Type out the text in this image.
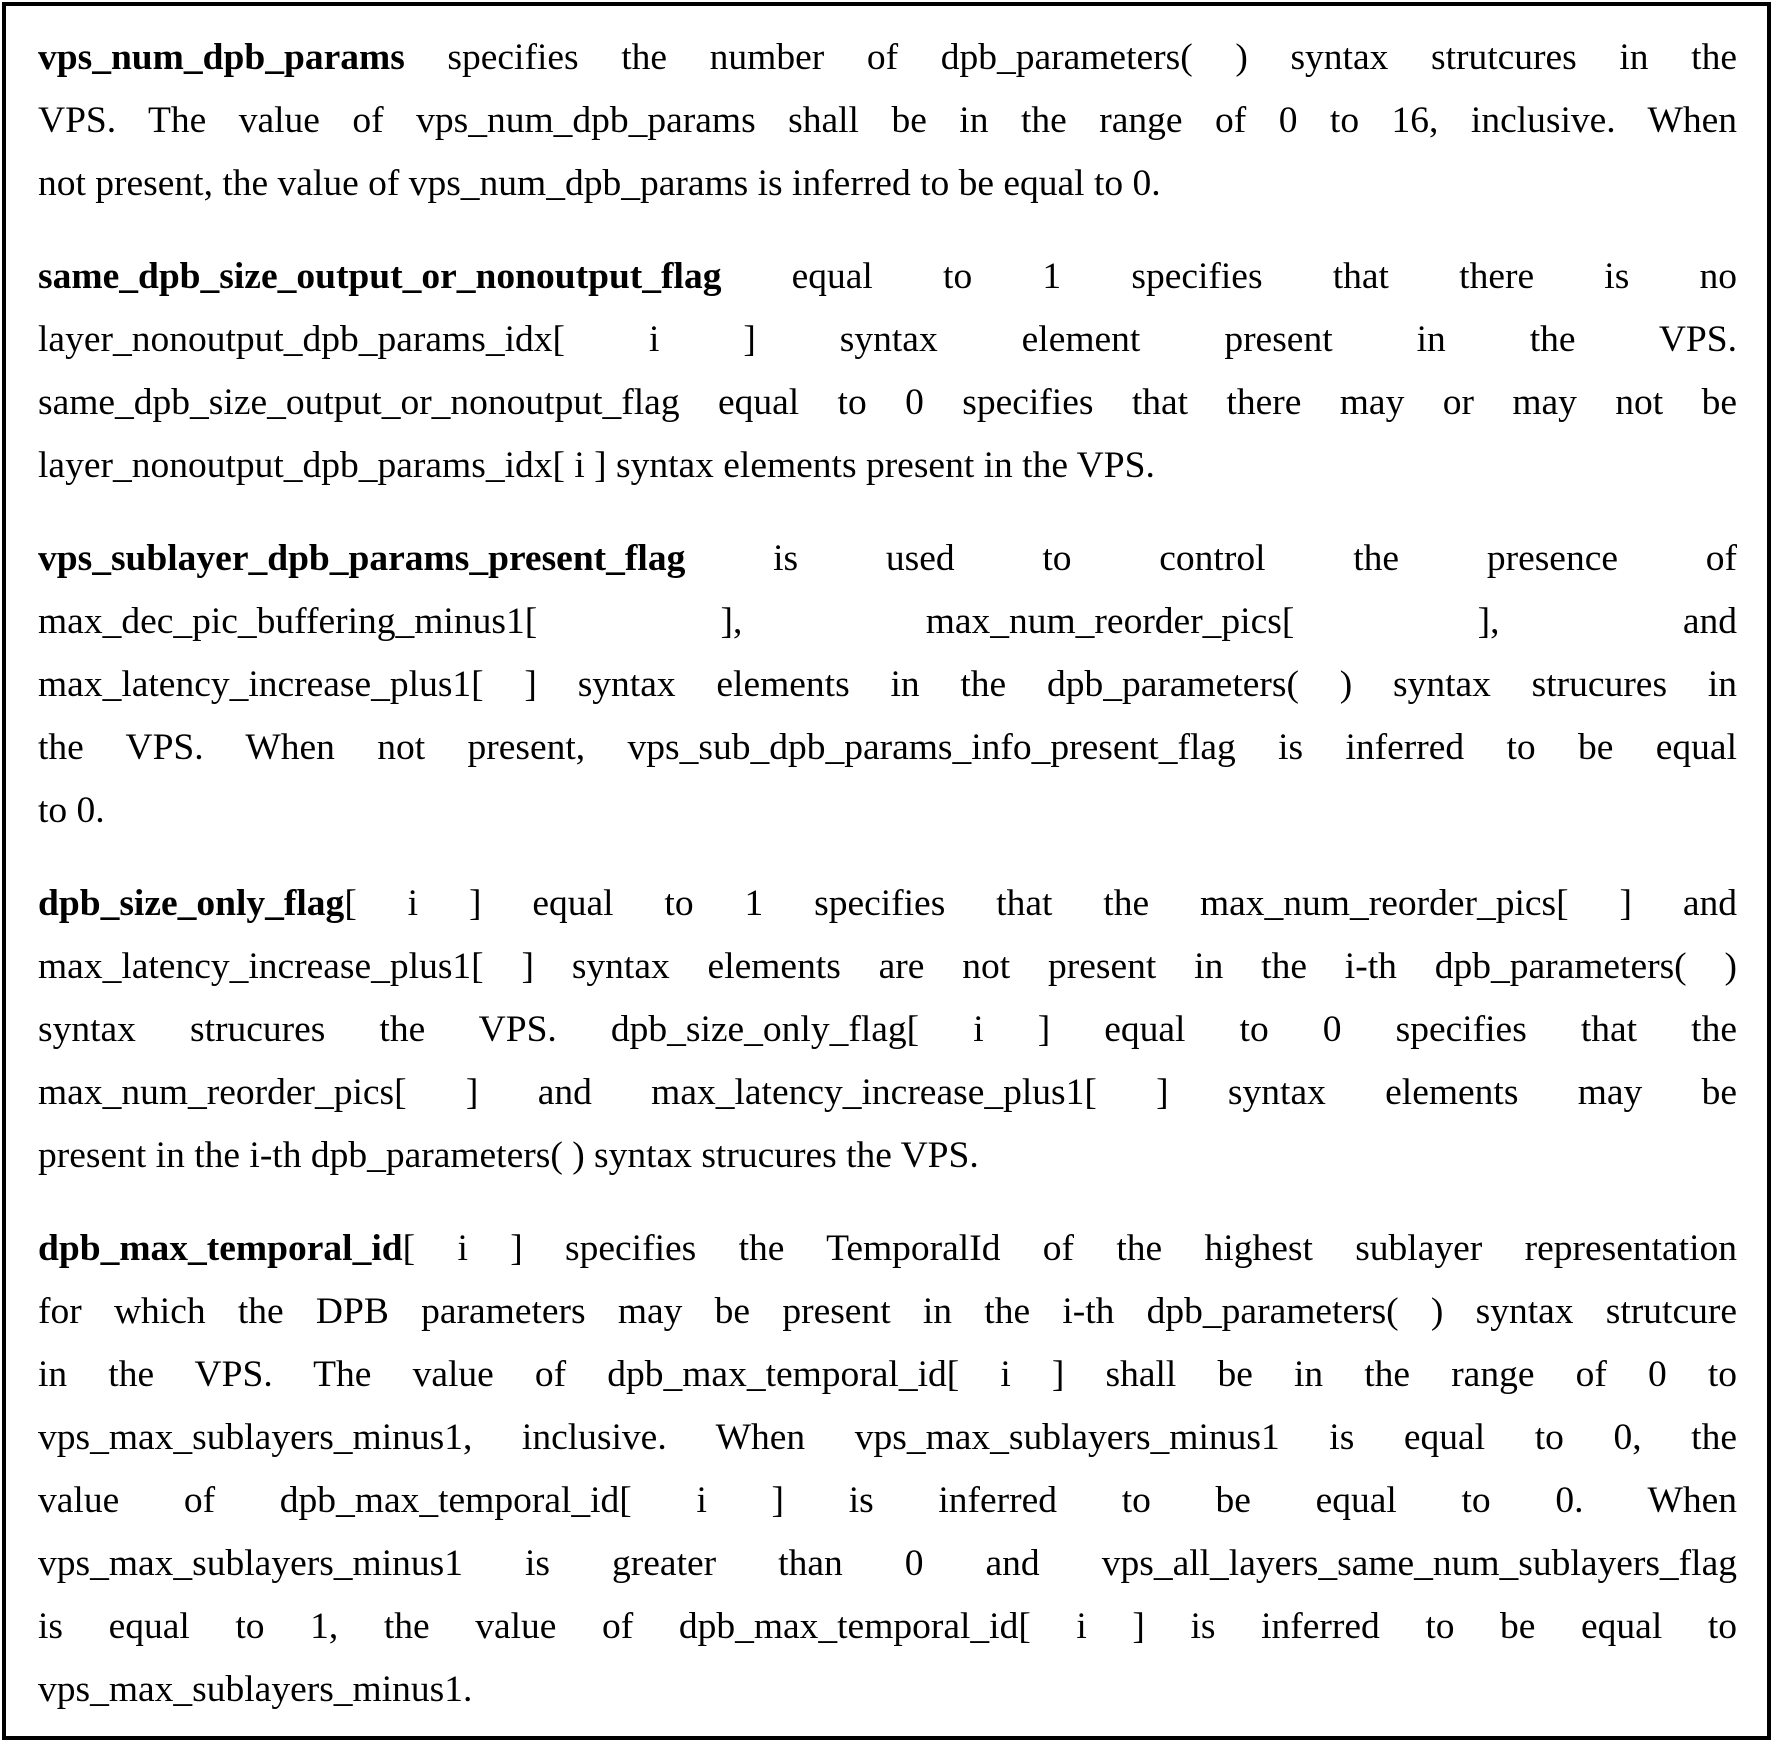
vps_num_dpb_params specifies the number of dpb_parameters( ) syntax strutcures in the
VPS. The value of vps_num_dpb_params shall be in the range of 0 to 16, inclusive. When
not present, the value of vps_num_dpb_params is inferred to be equal to 0.
same_dpb_size_output_or_nonoutput_flag equal to 1 specifies that there is no
layer_nonoutput_dpb_params_idx[ i ] syntax element present in the VPS.
same_dpb_size_output_or_nonoutput_flag equal to 0 specifies that there may or may not be
layer_nonoutput_dpb_params_idx[ i ] syntax elements present in the VPS.
vps_sublayer_dpb_params_present_flag is used to control the presence of
max_dec_pic_buffering_minus1[ ], max_num_reorder_pics[ ], and
max_latency_increase_plus1[ ] syntax elements in the dpb_parameters( ) syntax strucures in
the VPS. When not present, vps_sub_dpb_params_info_present_flag is inferred to be equal
to 0.
dpb_size_only_flag[ i ] equal to 1 specifies that the max_num_reorder_pics[ ] and
max_latency_increase_plus1[ ] syntax elements are not present in the i-th dpb_parameters( )
syntax strucures the VPS. dpb_size_only_flag[ i ] equal to 0 specifies that the
max_num_reorder_pics[ ] and max_latency_increase_plus1[ ] syntax elements may be
present in the i-th dpb_parameters( ) syntax strucures the VPS.
dpb_max_temporal_id[ i ] specifies the TemporalId of the highest sublayer representation
for which the DPB parameters may be present in the i-th dpb_parameters( ) syntax strutcure
in the VPS. The value of dpb_max_temporal_id[ i ] shall be in the range of 0 to
vps_max_sublayers_minus1, inclusive. When vps_max_sublayers_minus1 is equal to 0, the
value of dpb_max_temporal_id[ i ] is inferred to be equal to 0. When
vps_max_sublayers_minus1 is greater than 0 and vps_all_layers_same_num_sublayers_flag
is equal to 1, the value of dpb_max_temporal_id[ i ] is inferred to be equal to
vps_max_sublayers_minus1.
